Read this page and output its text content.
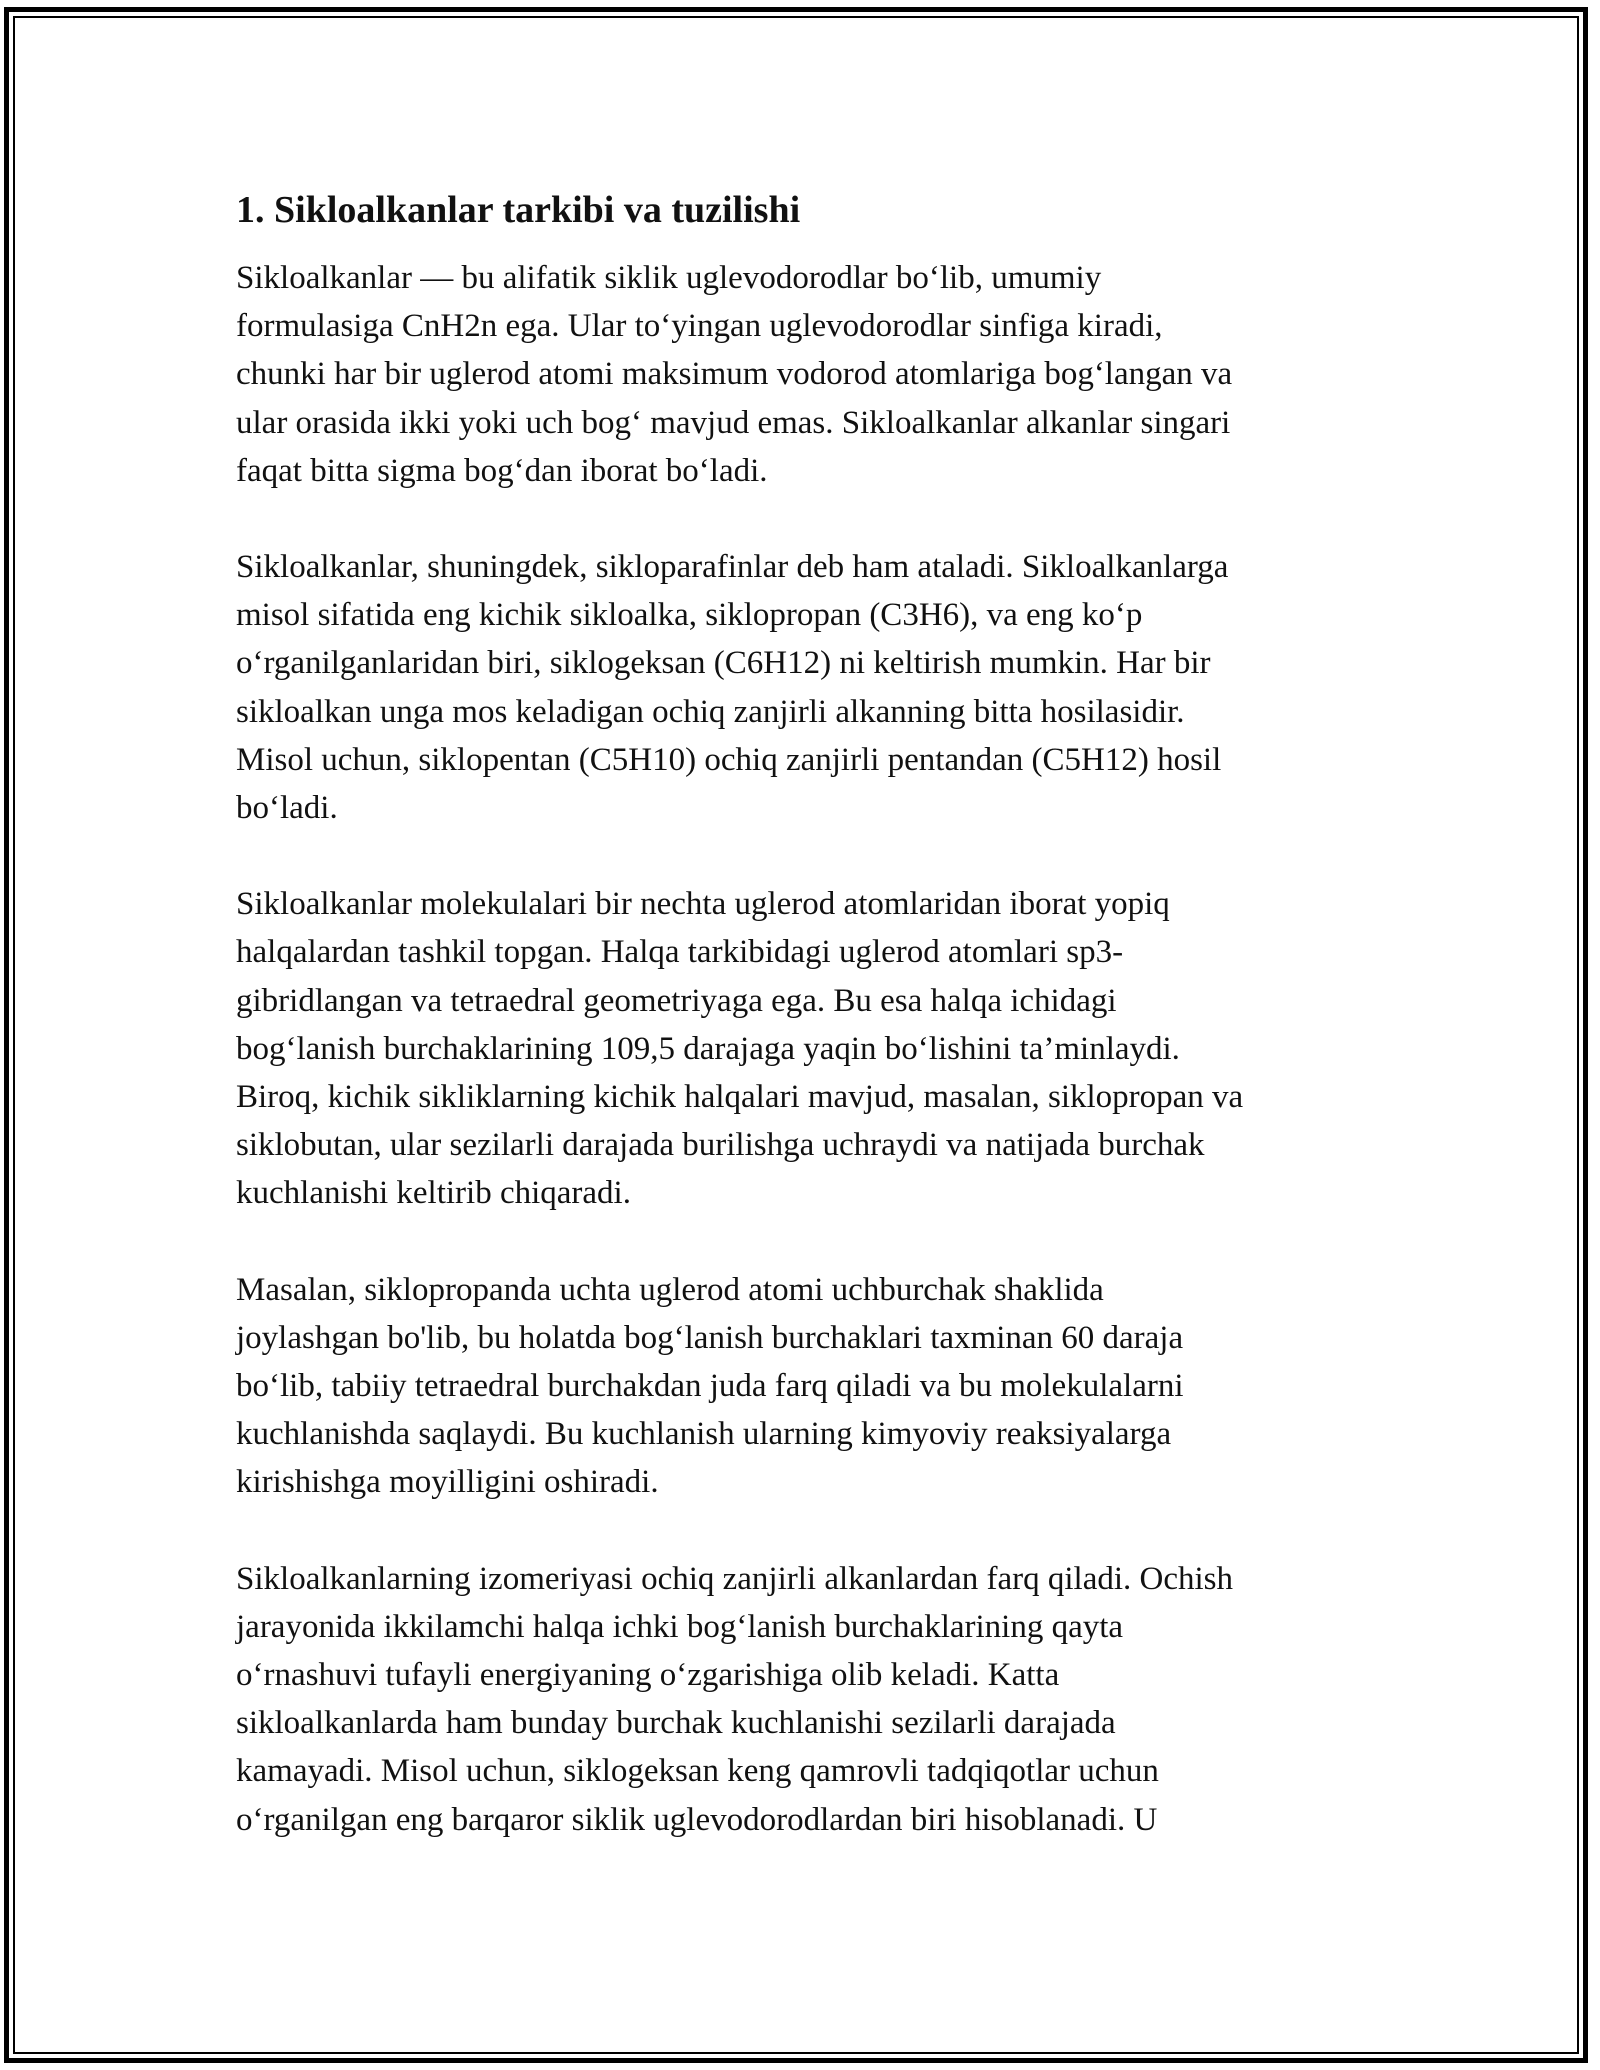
1. Sikloalkanlar tarkibi va tuzilishi

Sikloalkanlar — bu alifatik siklik uglevodorodlar bo‘lib, umumiy
formulasiga CnH2n ega. Ular to‘yingan uglevodorodlar sinfiga kiradi,
chunki har bir uglerod atomi maksimum vodorod atomlariga bog‘langan va
ular orasida ikki yoki uch bog‘ mavjud emas. Sikloalkanlar alkanlar singari
faqat bitta sigma bog‘dan iborat bo‘ladi.

Sikloalkanlar, shuningdek, sikloparafinlar deb ham ataladi. Sikloalkanlarga
misol sifatida eng kichik sikloalka, siklopropan (C3H6), va eng ko‘p
o‘rganilganlaridan biri, siklogeksan (C6H12) ni keltirish mumkin. Har bir
sikloalkan unga mos keladigan ochiq zanjirli alkanning bitta hosilasidir.
Misol uchun, siklopentan (C5H10) ochiq zanjirli pentandan (C5H12) hosil
bo‘ladi.

Sikloalkanlar molekulalari bir nechta uglerod atomlaridan iborat yopiq
halqalardan tashkil topgan. Halqa tarkibidagi uglerod atomlari sp3-
gibridlangan va tetraedral geometriyaga ega. Bu esa halqa ichidagi
bog‘lanish burchaklarining 109,5 darajaga yaqin bo‘lishini ta’minlaydi.
Biroq, kichik sikliklarning kichik halqalari mavjud, masalan, siklopropan va
siklobutan, ular sezilarli darajada burilishga uchraydi va natijada burchak
kuchlanishi keltirib chiqaradi.

Masalan, siklopropanda uchta uglerod atomi uchburchak shaklida
joylashgan bo'lib, bu holatda bog‘lanish burchaklari taxminan 60 daraja
bo‘lib, tabiiy tetraedral burchakdan juda farq qiladi va bu molekulalarni
kuchlanishda saqlaydi. Bu kuchlanish ularning kimyoviy reaksiyalarga
kirishishga moyilligini oshiradi.

Sikloalkanlarning izomeriyasi ochiq zanjirli alkanlardan farq qiladi. Ochish
jarayonida ikkilamchi halqa ichki bog‘lanish burchaklarining qayta
o‘rnashuvi tufayli energiyaning o‘zgarishiga olib keladi. Katta
sikloalkanlarda ham bunday burchak kuchlanishi sezilarli darajada
kamayadi. Misol uchun, siklogeksan keng qamrovli tadqiqotlar uchun
o‘rganilgan eng barqaror siklik uglevodorodlardan biri hisoblanadi. U
